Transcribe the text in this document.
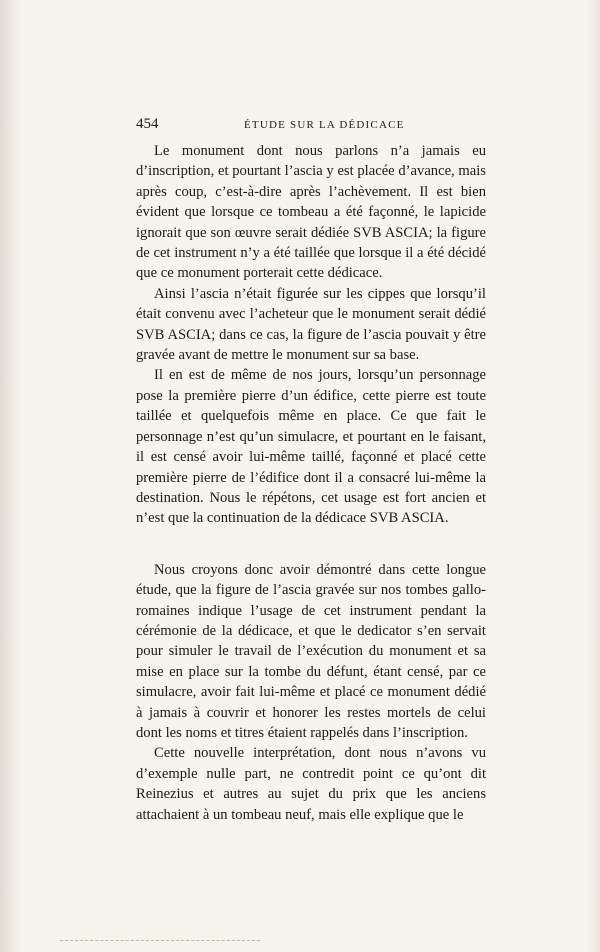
454	ÉTUDE SUR LA DÉDICACE

Le monument dont nous parlons n’a jamais eu d’inscription, et pourtant l’ascia y est placée d’avance, mais après coup, c’est-à-dire après l’achèvement. Il est bien évident que lorsque ce tombeau a été façonné, le lapicide ignorait que son œuvre serait dédiée SVB ASCIA; la figure de cet instrument n’y a été taillée que lorsque il a été décidé que ce monument porterait cette dédicace.

Ainsi l’ascia n’était figurée sur les cippes que lorsqu’il était convenu avec l’acheteur que le monument serait dédié SVB ASCIA; dans ce cas, la figure de l’ascia pouvait y être gravée avant de mettre le monument sur sa base.

Il en est de même de nos jours, lorsqu’un personnage pose la première pierre d’un édifice, cette pierre est toute taillée et quelquefois même en place. Ce que fait le personnage n’est qu’un simulacre, et pourtant en le faisant, il est censé avoir lui-même taillé, façonné et placé cette première pierre de l’édifice dont il a consacré lui-même la destination. Nous le répétons, cet usage est fort ancien et n’est que la continuation de la dédicace SVB ASCIA.

Nous croyons donc avoir démontré dans cette longue étude, que la figure de l’ascia gravée sur nos tombes gallo-romaines indique l’usage de cet instrument pendant la cérémonie de la dédicace, et que le dedicator s’en servait pour simuler le travail de l’exécution du monument et sa mise en place sur la tombe du défunt, étant censé, par ce simulacre, avoir fait lui-même et placé ce monument dédié à jamais à couvrir et honorer les restes mortels de celui dont les noms et titres étaient rappelés dans l’inscription.

Cette nouvelle interprétation, dont nous n’avons vu d’exemple nulle part, ne contredit point ce qu’ont dit Reinezius et autres au sujet du prix que les anciens attachaient à un tombeau neuf, mais elle explique que le
